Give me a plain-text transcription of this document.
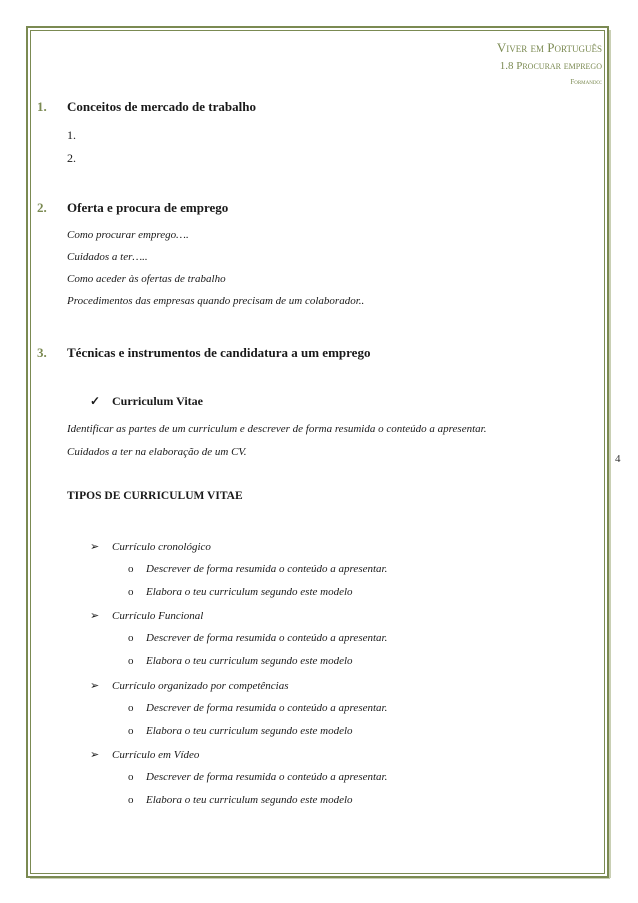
Viver em Português
1.8 Procurar emprego
Formando:
4
1. Conceitos de mercado de trabalho
1.
2.
2. Oferta e procura de emprego
Como procurar emprego….
Cuidados a ter…..
Como aceder às ofertas de trabalho
Procedimentos das empresas quando precisam de um colaborador..
3. Técnicas e instrumentos de candidatura a um emprego
✓ Curriculum Vitae
Identificar as partes de um curriculum e descrever de forma resumida o conteúdo a apresentar.
Cuidados a ter na elaboração de um CV.
TIPOS DE CURRICULUM VITAE
➢ Currículo cronológico
o Descrever de forma resumida o conteúdo a apresentar.
o Elabora o teu curriculum segundo este modelo
➢ Currículo Funcional
o Descrever de forma resumida o conteúdo a apresentar.
o Elabora o teu curriculum segundo este modelo
➢ Currículo organizado por competências
o Descrever de forma resumida o conteúdo a apresentar.
o Elabora o teu curriculum segundo este modelo
➢ Currículo em Vídeo
o Descrever de forma resumida o conteúdo a apresentar.
o Elabora o teu curriculum segundo este modelo
